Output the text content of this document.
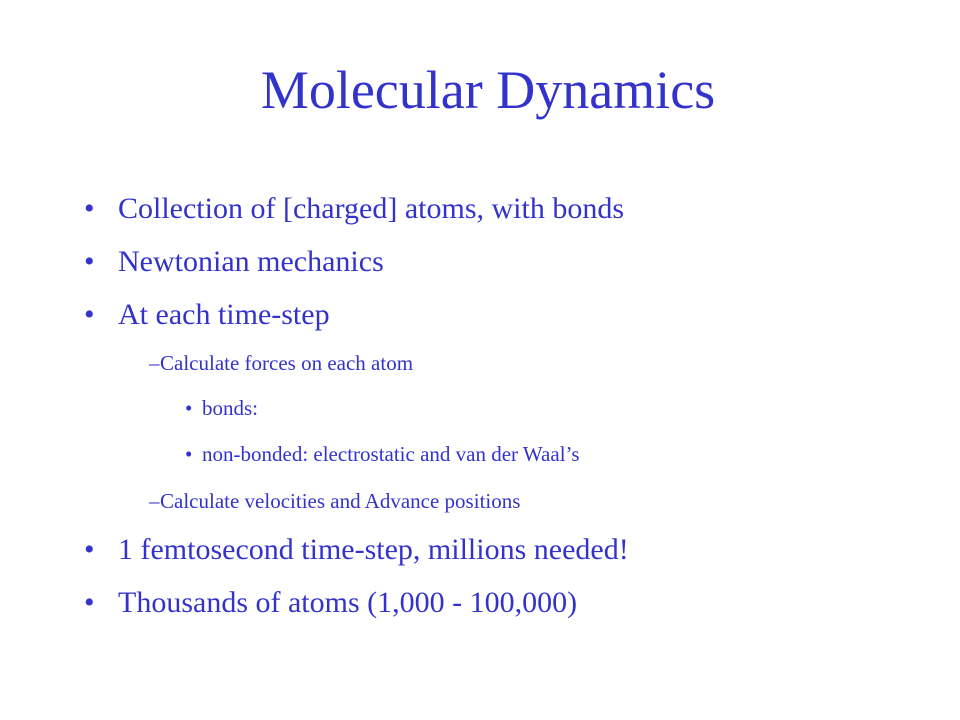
Molecular Dynamics
• Collection of [charged] atoms, with bonds
• Newtonian mechanics
• At each time-step
– Calculate forces on each atom
• bonds:
• non-bonded: electrostatic and van der Waal’s
– Calculate velocities and Advance positions
• 1 femtosecond time-step, millions needed!
• Thousands of atoms (1,000 - 100,000)
